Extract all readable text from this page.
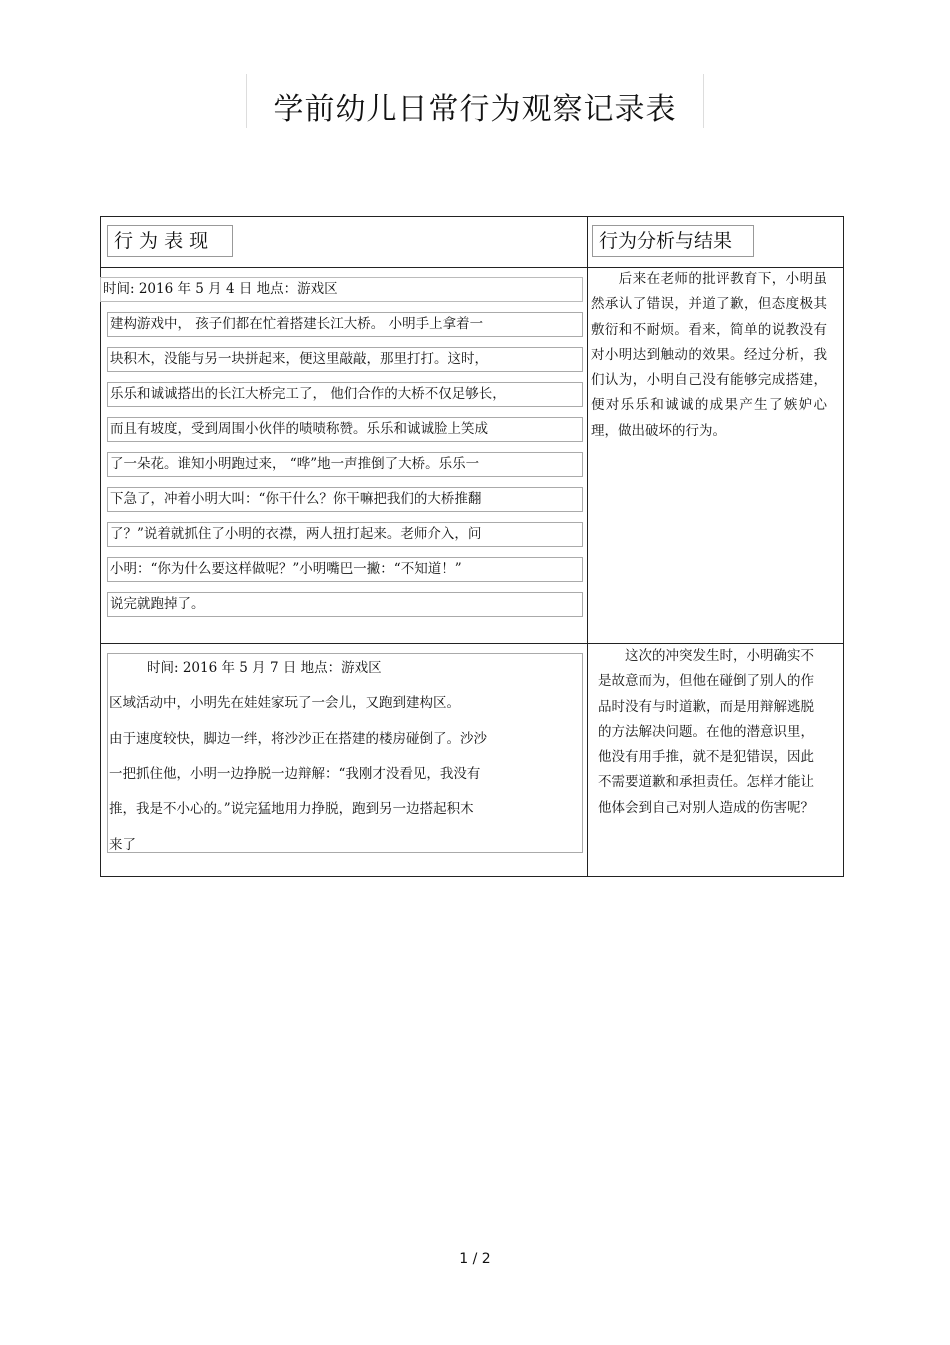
学前幼儿日常行为观察记录表
行 为 表 现	行为分析与结果
时间: 2016 年 5 月 4 日 地点：游戏区
建构游戏中， 孩子们都在忙着搭建长江大桥。 小明手上拿着一
块积木，没能与另一块拼起来，便这里敲敲，那里打打。这时，
乐乐和诚诚搭出的长江大桥完工了， 他们合作的大桥不仅足够长，
而且有坡度，受到周围小伙伴的啧啧称赞。乐乐和诚诚脸上笑成
了一朵花。谁知小明跑过来， “哗”地一声推倒了大桥。乐乐一
下急了，冲着小明大叫：“你干什么？你干嘛把我们的大桥推翻
了？”说着就抓住了小明的衣襟，两人扭打起来。老师介入，问
小明：“你为什么要这样做呢？”小明嘴巴一撇：“不知道！”
说完就跑掉了。
　　后来在老师的批评教育下，小明虽然承认了错误，并道了歉，但态度极其敷衍和不耐烦。看来，简单的说教没有对小明达到触动的效果。经过分析，我们认为，小明自己没有能够完成搭建，便对乐乐和诚诚的成果产生了嫉妒心理，做出破坏的行为。
时间: 2016 年 5 月 7 日 地点：游戏区
区域活动中，小明先在娃娃家玩了一会儿，又跑到建构区。
由于速度较快，脚边一绊，将沙沙正在搭建的楼房碰倒了。沙沙
一把抓住他，小明一边挣脱一边辩解：“我刚才没看见，我没有
推，我是不小心的。”说完猛地用力挣脱，跑到另一边搭起积木
来了
　　这次的冲突发生时，小明确实不是故意而为，但他在碰倒了别人的作品时没有与时道歉，而是用辩解逃脱的方法解决问题。在他的潜意识里，他没有用手推，就不是犯错误，因此不需要道歉和承担责任。怎样才能让他体会到自己对别人造成的伤害呢？
1 / 2
